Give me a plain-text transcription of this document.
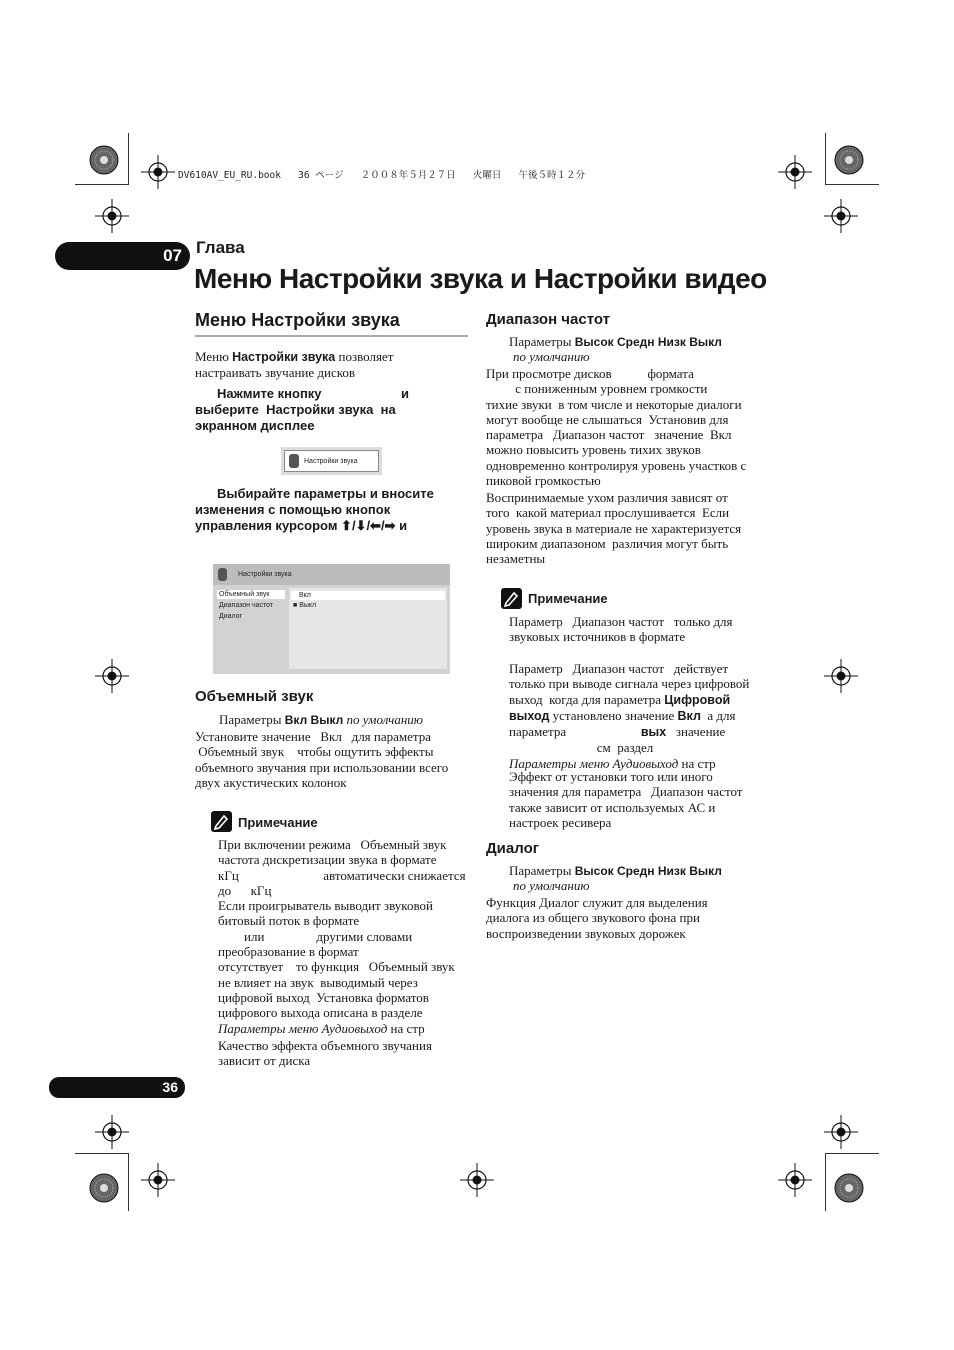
DV610AV_EU_RU.book   36 ページ   ２００８年５月２７日   火曜日   午後５時１２分
07 Глава
Меню Настройки звука и Настройки видео
Меню Настройки звука
Меню Настройки звука позволяет
настраивать звучание дисков
Нажмите кнопку                      и
выберите  Настройки звука  на
экранном дисплее
Настройки звука
Выбирайте параметры и вносите
изменения с помощью кнопок
управления курсором ⬆/⬇/⬅/➡ и
Настройки звука
Объемный звук
Диапазон частот
Диалог
Вкл
■ Выкл
Объемный звук
Параметры Вкл Выкл по умолчанию
Установите значение   Вкл   для параметра
Объемный звук    чтобы ощутить эффекты
объемного звучания при использовании всего
двух акустических колонок
Примечание
При включении режима   Объемный звук
частота дискретизации звука в формате
кГц                          автоматически снижается
до      кГц
Если проигрыватель выводит звуковой
битовый поток в формате
или                другими словами
преобразование в формат
отсутствует    то функция   Объемный звук
не влияет на звук  выводимый через
цифровой выход  Установка форматов
цифрового выхода описана в разделе
Параметры меню Аудиовыход на стр

Качество эффекта объемного звучания
зависит от диска
Диапазон частот
Параметры Высок Средн Низк Выкл
по умолчанию
При просмотре дисков           формата
с пониженным уровнем громкости
тихие звуки  в том числе и некоторые диалоги
могут вообще не слышаться  Установив для
параметра   Диапазон частот   значение  Вкл
можно повысить уровень тихих звуков
одновременно контролируя уровень участков с
пиковой громкостью
Воспринимаемые ухом различия зависят от
того  какой материал прослушивается  Если
уровень звука в материале не характеризуется
широким диапазоном  различия могут быть
незаметны
Примечание
Параметр   Диапазон частот   только для
звуковых источников в формате
Параметр   Диапазон частот   действует
только при выводе сигнала через цифровой
выход  когда для параметра Цифровой
выход установлено значение Вкл  а для
параметра	вых значение
см  раздел
Параметры меню Аудиовыход на стр
Эффект от установки того или иного
значения для параметра   Диапазон частот
также зависит от используемых АС и
настроек ресивера
Диалог
Параметры Высок Средн Низк Выкл
по умолчанию
Функция Диалог служит для выделения
диалога из общего звукового фона при
воспроизведении звуковых дорожек
36
